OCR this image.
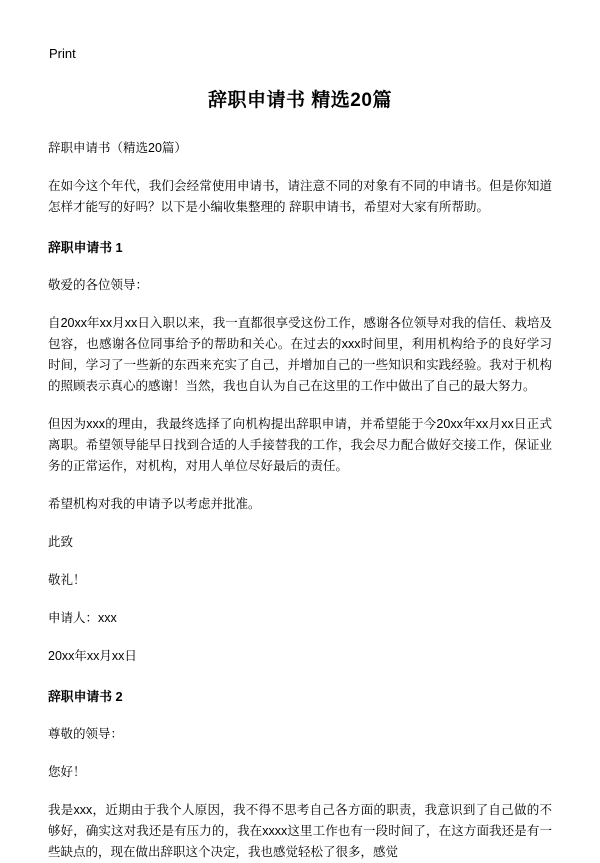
Print
辞职申请书 精选20篇

辞职申请书（精选20篇）

在如今这个年代，我们会经常使用申请书，请注意不同的对象有不同的申请书。但是你知道怎样才能写的好吗？以下是小编收集整理的 辞职申请书，希望对大家有所帮助。

辞职申请书 1

敬爱的各位领导：

自20xx年xx月xx日入职以来，我一直都很享受这份工作，感谢各位领导对我的信任、栽培及包容，也感谢各位同事给予的帮助和关心。在过去的xxx时间里，利用机构给予的良好学习时间，学习了一些新的东西来充实了自己，并增加自己的一些知识和实践经验。我对于机构的照顾表示真心的感谢！当然，我也自认为自己在这里的工作中做出了自己的最大努力。

但因为xxx的理由，我最终选择了向机构提出辞职申请，并希望能于今20xx年xx月xx日正式离职。希望领导能早日找到合适的人手接替我的工作，我会尽力配合做好交接工作，保证业务的正常运作，对机构，对用人单位尽好最后的责任。

希望机构对我的申请予以考虑并批准。

此致

敬礼！

申请人：xxx

20xx年xx月xx日

辞职申请书 2

尊敬的领导：

您好！

我是xxx，近期由于我个人原因，我不得不思考自己各方面的职责，我意识到了自己做的不够好，确实这对我还是有压力的，我在xxxx这里工作也有一段时间了，在这方面我还是有一些缺点的，现在做出辞职这个决定，我也感觉轻松了很多，感觉
